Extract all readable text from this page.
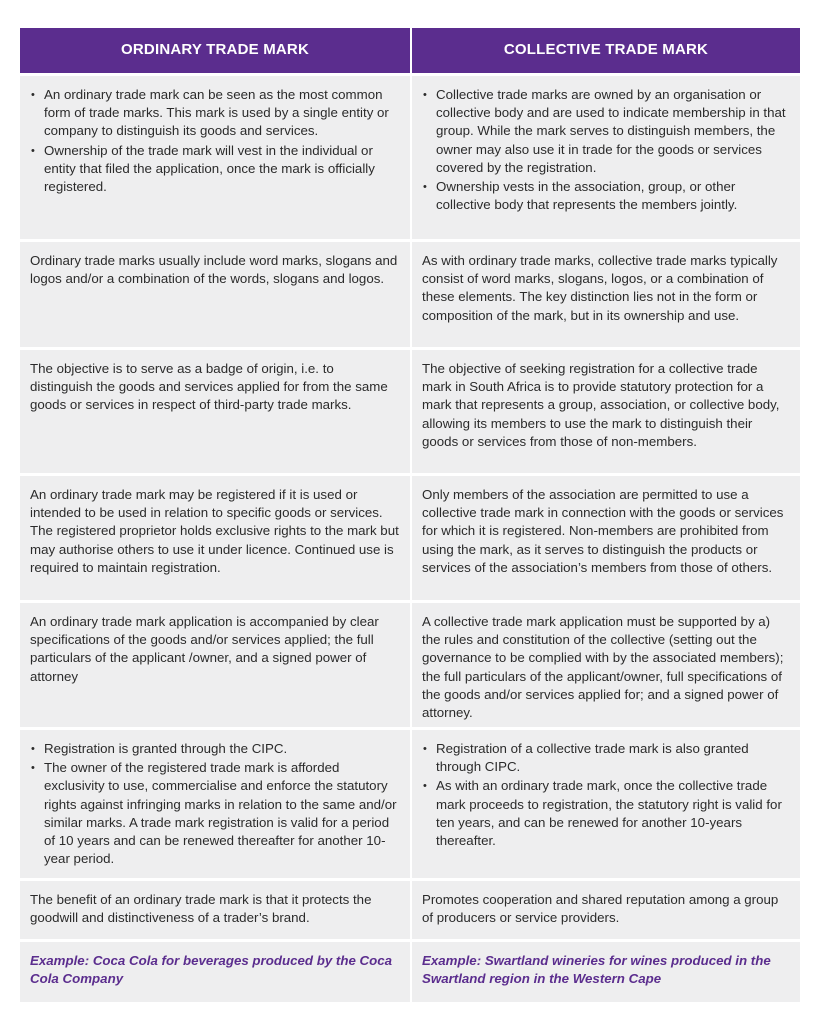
ORDINARY TRADE MARK	COLLECTIVE TRADE MARK
• An ordinary trade mark can be seen as the most common form of trade marks. This mark is used by a single entity or company to distinguish its goods and services.
• Ownership of the trade mark will vest in the individual or entity that filed the application, once the mark is officially registered.
• Collective trade marks are owned by an organisation or collective body and are used to indicate membership in that group. While the mark serves to distinguish members, the owner may also use it in trade for the goods or services covered by the registration.
• Ownership vests in the association, group, or other collective body that represents the members jointly.
Ordinary trade marks usually include word marks, slogans and logos and/or a combination of the words, slogans and logos.
As with ordinary trade marks, collective trade marks typically consist of word marks, slogans, logos, or a combination of these elements. The key distinction lies not in the form or composition of the mark, but in its ownership and use.
The objective is to serve as a badge of origin, i.e. to distinguish the goods and services applied for from the same goods or services in respect of third-party trade marks.
The objective of seeking registration for a collective trade mark in South Africa is to provide statutory protection for a mark that represents a group, association, or collective body, allowing its members to use the mark to distinguish their goods or services from those of non-members.
An ordinary trade mark may be registered if it is used or intended to be used in relation to specific goods or services. The registered proprietor holds exclusive rights to the mark but may authorise others to use it under licence. Continued use is required to maintain registration.
Only members of the association are permitted to use a collective trade mark in connection with the goods or services for which it is registered. Non-members are prohibited from using the mark, as it serves to distinguish the products or services of the association’s members from those of others.
An ordinary trade mark application is accompanied by clear specifications of the goods and/or services applied; the full particulars of the applicant /owner, and a signed power of attorney
A collective trade mark application must be supported by a) the rules and constitution of the collective (setting out the governance to be complied with by the associated members); the full particulars of the applicant/owner, full specifications of the goods and/or services applied for; and a signed power of attorney.
• Registration is granted through the CIPC.
• The owner of the registered trade mark is afforded exclusivity to use, commercialise and enforce the statutory rights against infringing marks in relation to the same and/or similar marks. A trade mark registration is valid for a period of 10 years and can be renewed thereafter for another 10-year period.
• Registration of a collective trade mark is also granted through CIPC.
• As with an ordinary trade mark, once the collective trade mark proceeds to registration, the statutory right is valid for ten years, and can be renewed for another 10-years thereafter.
The benefit of an ordinary trade mark is that it protects the goodwill and distinctiveness of a trader’s brand.
Promotes cooperation and shared reputation among a group of producers or service providers.
Example: Coca Cola for beverages produced by the Coca Cola Company
Example: Swartland wineries for wines produced in the Swartland region in the Western Cape
